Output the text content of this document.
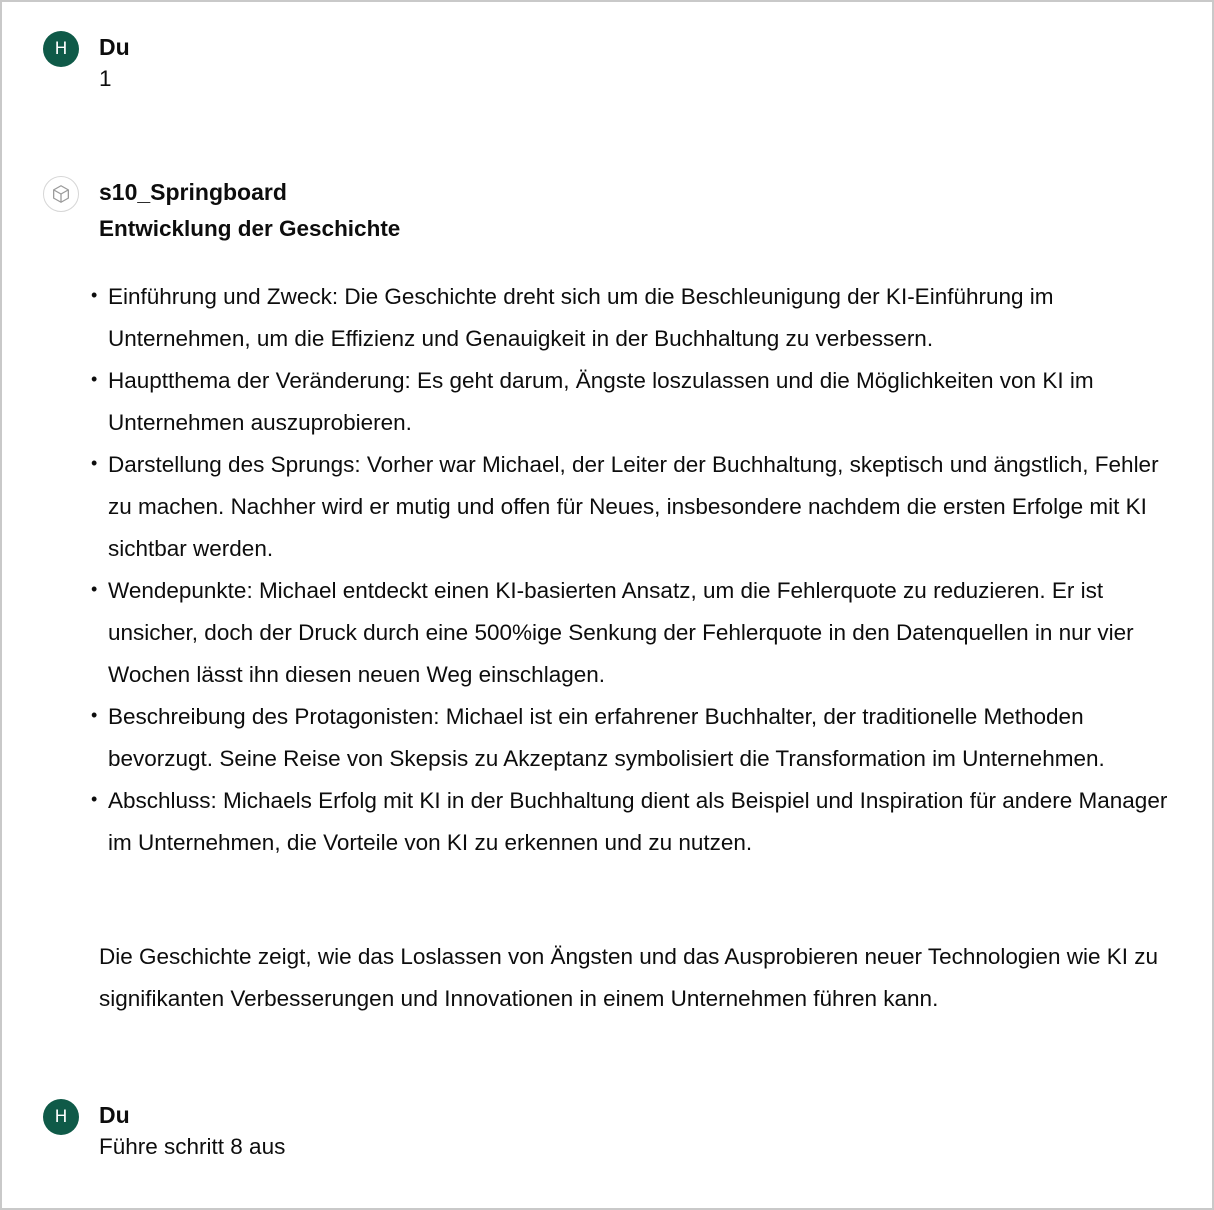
H Du
1
s10_Springboard
Entwicklung der Geschichte
• Einführung und Zweck: Die Geschichte dreht sich um die Beschleunigung der KI-Einführung im Unternehmen, um die Effizienz und Genauigkeit in der Buchhaltung zu verbessern.
• Hauptthema der Veränderung: Es geht darum, Ängste loszulassen und die Möglichkeiten von KI im Unternehmen auszuprobieren.
• Darstellung des Sprungs: Vorher war Michael, der Leiter der Buchhaltung, skeptisch und ängstlich, Fehler zu machen. Nachher wird er mutig und offen für Neues, insbesondere nachdem die ersten Erfolge mit KI sichtbar werden.
• Wendepunkte: Michael entdeckt einen KI-basierten Ansatz, um die Fehlerquote zu reduzieren. Er ist unsicher, doch der Druck durch eine 500%ige Senkung der Fehlerquote in den Datenquellen in nur vier Wochen lässt ihn diesen neuen Weg einschlagen.
• Beschreibung des Protagonisten: Michael ist ein erfahrener Buchhalter, der traditionelle Methoden bevorzugt. Seine Reise von Skepsis zu Akzeptanz symbolisiert die Transformation im Unternehmen.
• Abschluss: Michaels Erfolg mit KI in der Buchhaltung dient als Beispiel und Inspiration für andere Manager im Unternehmen, die Vorteile von KI zu erkennen und zu nutzen.
Die Geschichte zeigt, wie das Loslassen von Ängsten und das Ausprobieren neuer Technologien wie KI zu signifikanten Verbesserungen und Innovationen in einem Unternehmen führen kann.
H Du
Führe schritt 8 aus
